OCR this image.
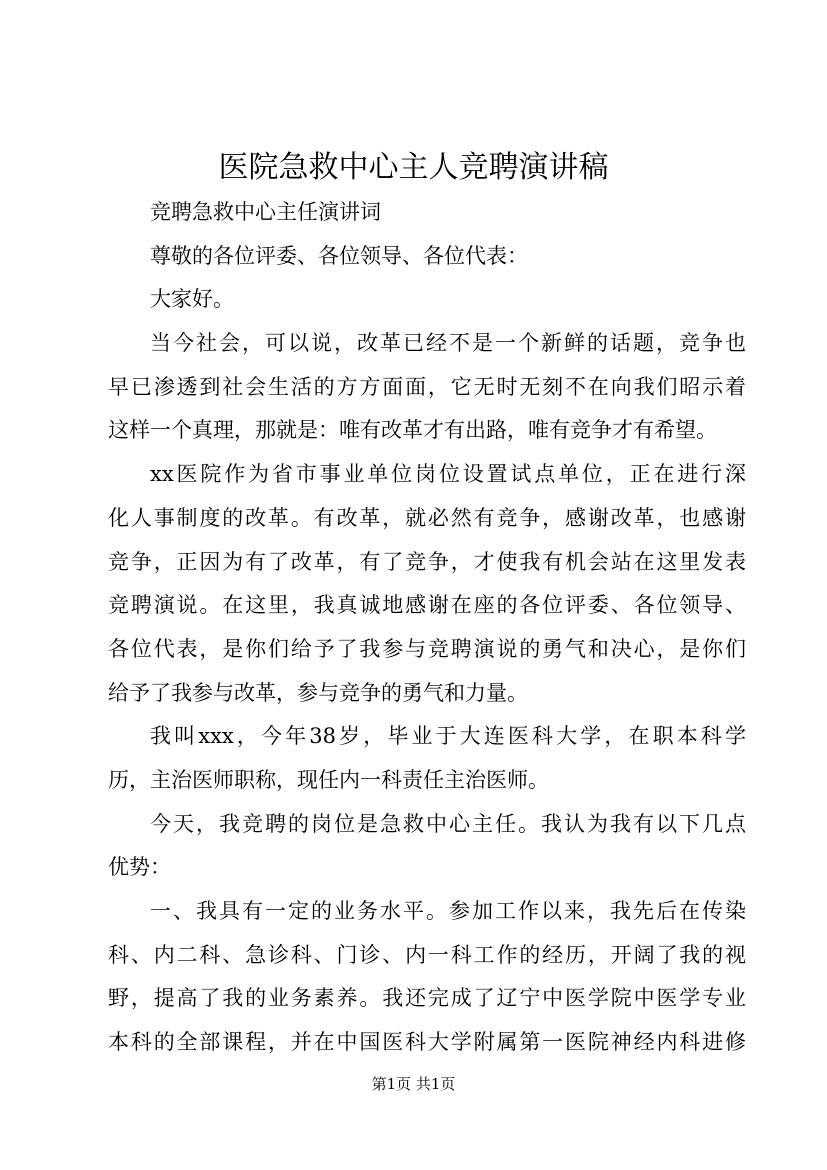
医院急救中心主人竞聘演讲稿
竞聘急救中心主任演讲词
尊敬的各位评委、各位领导、各位代表：
大家好。
当今社会，可以说，改革已经不是一个新鲜的话题，竞争也
早已渗透到社会生活的方方面面，它无时无刻不在向我们昭示着
这样一个真理，那就是：唯有改革才有出路，唯有竞争才有希望。
xx医院作为省市事业单位岗位设置试点单位，正在进行深
化人事制度的改革。有改革，就必然有竞争，感谢改革，也感谢
竞争，正因为有了改革，有了竞争，才使我有机会站在这里发表
竞聘演说。在这里，我真诚地感谢在座的各位评委、各位领导、
各位代表，是你们给予了我参与竞聘演说的勇气和决心，是你们
给予了我参与改革，参与竞争的勇气和力量。
我叫xxx，今年38岁，毕业于大连医科大学，在职本科学
历，主治医师职称，现任内一科责任主治医师。
今天，我竞聘的岗位是急救中心主任。我认为我有以下几点
优势：
一、我具有一定的业务水平。参加工作以来，我先后在传染
科、内二科、急诊科、门诊、内一科工作的经历，开阔了我的视
野，提高了我的业务素养。我还完成了辽宁中医学院中医学专业
本科的全部课程，并在中国医科大学附属第一医院神经内科进修
第1页 共1页
